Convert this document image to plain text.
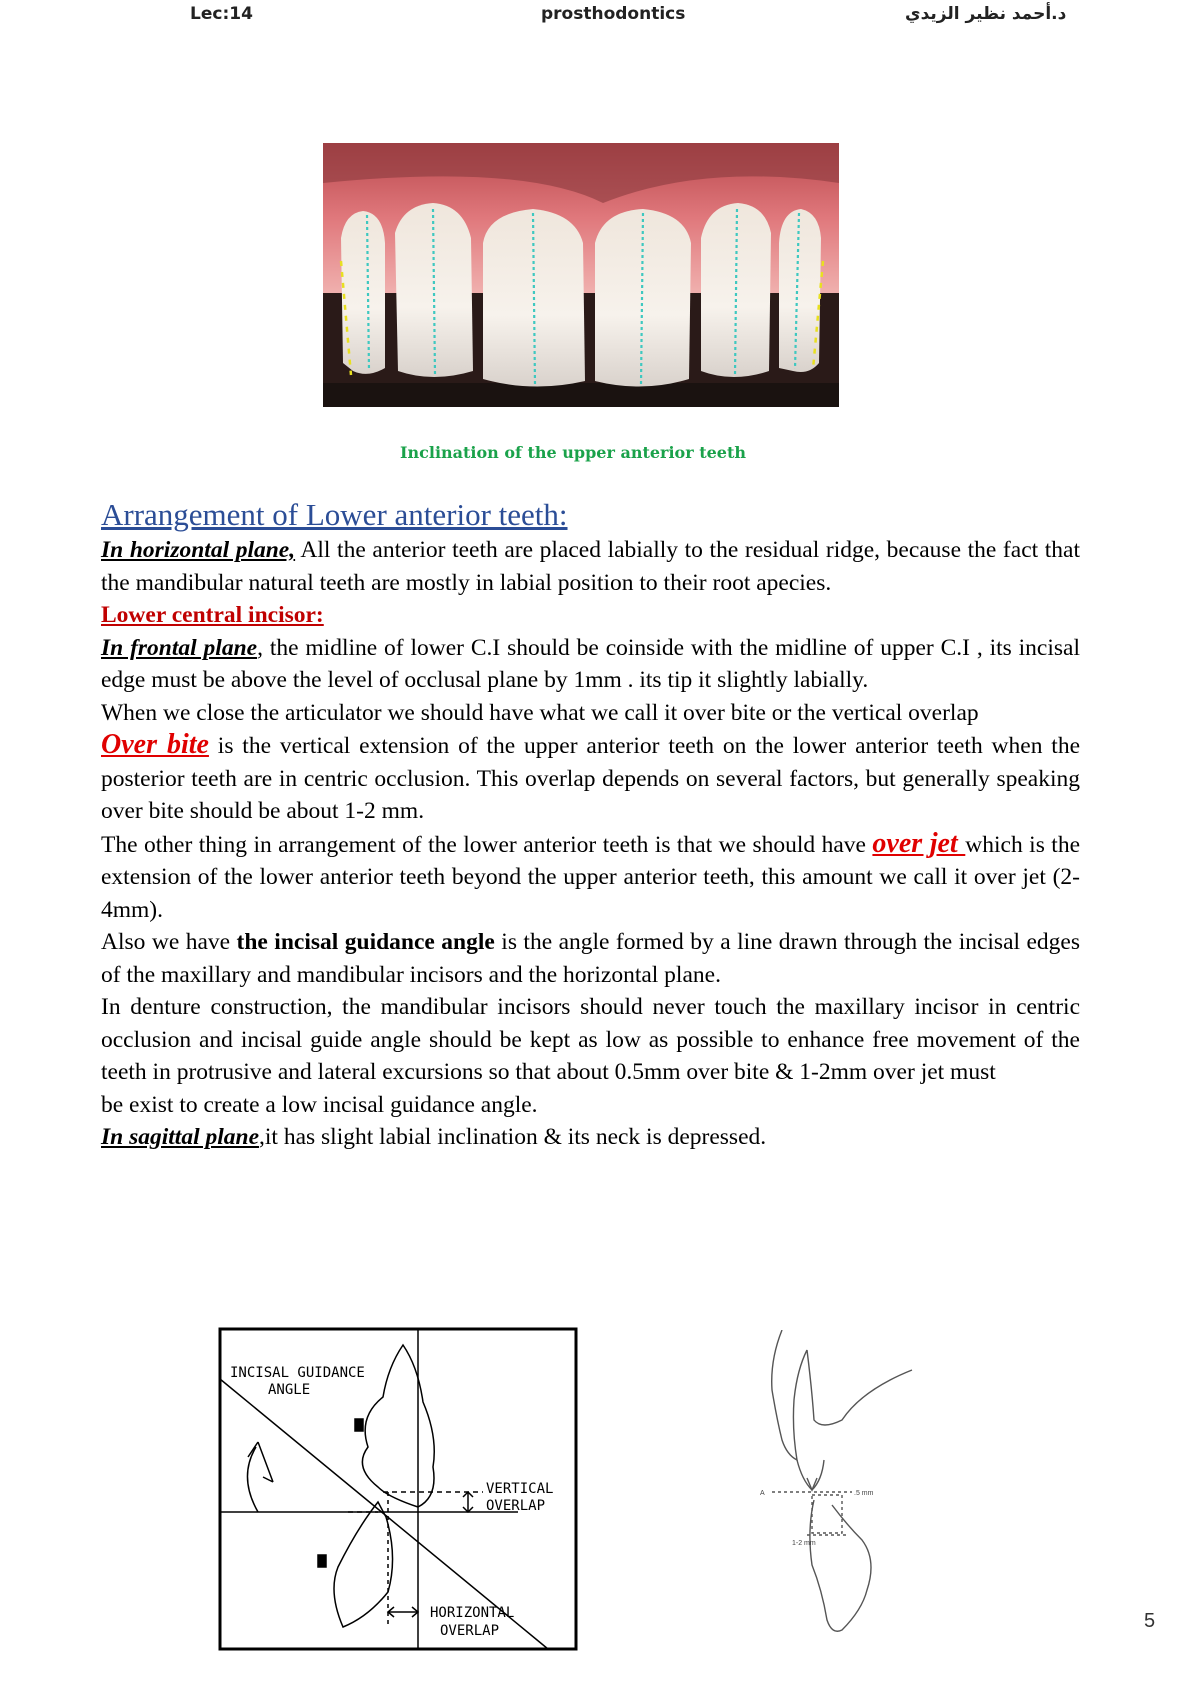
Lec:14	prosthodontics	د.أحمد نظير الزيدي
Inclination of the upper anterior teeth

Arrangement of Lower anterior teeth:

In horizontal plane, All the anterior teeth are placed labially to the residual ridge, because the fact that the mandibular natural teeth are mostly in labial position to their root apecies.

Lower central incisor:

In frontal plane, the midline of lower C.I should be coinside with the midline of upper C.I , its incisal edge must be above the level of occlusal plane by 1mm . its tip it slightly labially.

When we close the articulator we should have what we call it over bite or the vertical overlap

Over bite is the vertical extension of the upper anterior teeth on the lower anterior teeth when the posterior teeth are in centric occlusion. This overlap depends on several factors, but generally speaking over bite should be about 1-2 mm.

The other thing in arrangement of the lower anterior teeth is that we should have over jet which is the extension of the lower anterior teeth beyond the upper anterior teeth, this amount we call it over jet (2-4mm).

Also we have the incisal guidance angle is the angle formed by a line drawn through the incisal edges of the maxillary and mandibular incisors and the horizontal plane.

In denture construction, the mandibular incisors should never touch the maxillary incisor in centric occlusion and incisal guide angle should be kept as low as possible to enhance free movement of the teeth in protrusive and lateral excursions so that about 0.5mm over bite & 1-2mm over jet must

be exist to create a low incisal guidance angle.

In sagittal plane,it has slight labial inclination & its neck is depressed.

INCISAL GUIDANCE
ANGLE
VERTICAL
OVERLAP
HORIZONTAL
OVERLAP
A	.5 mm
1-2 mm
5
